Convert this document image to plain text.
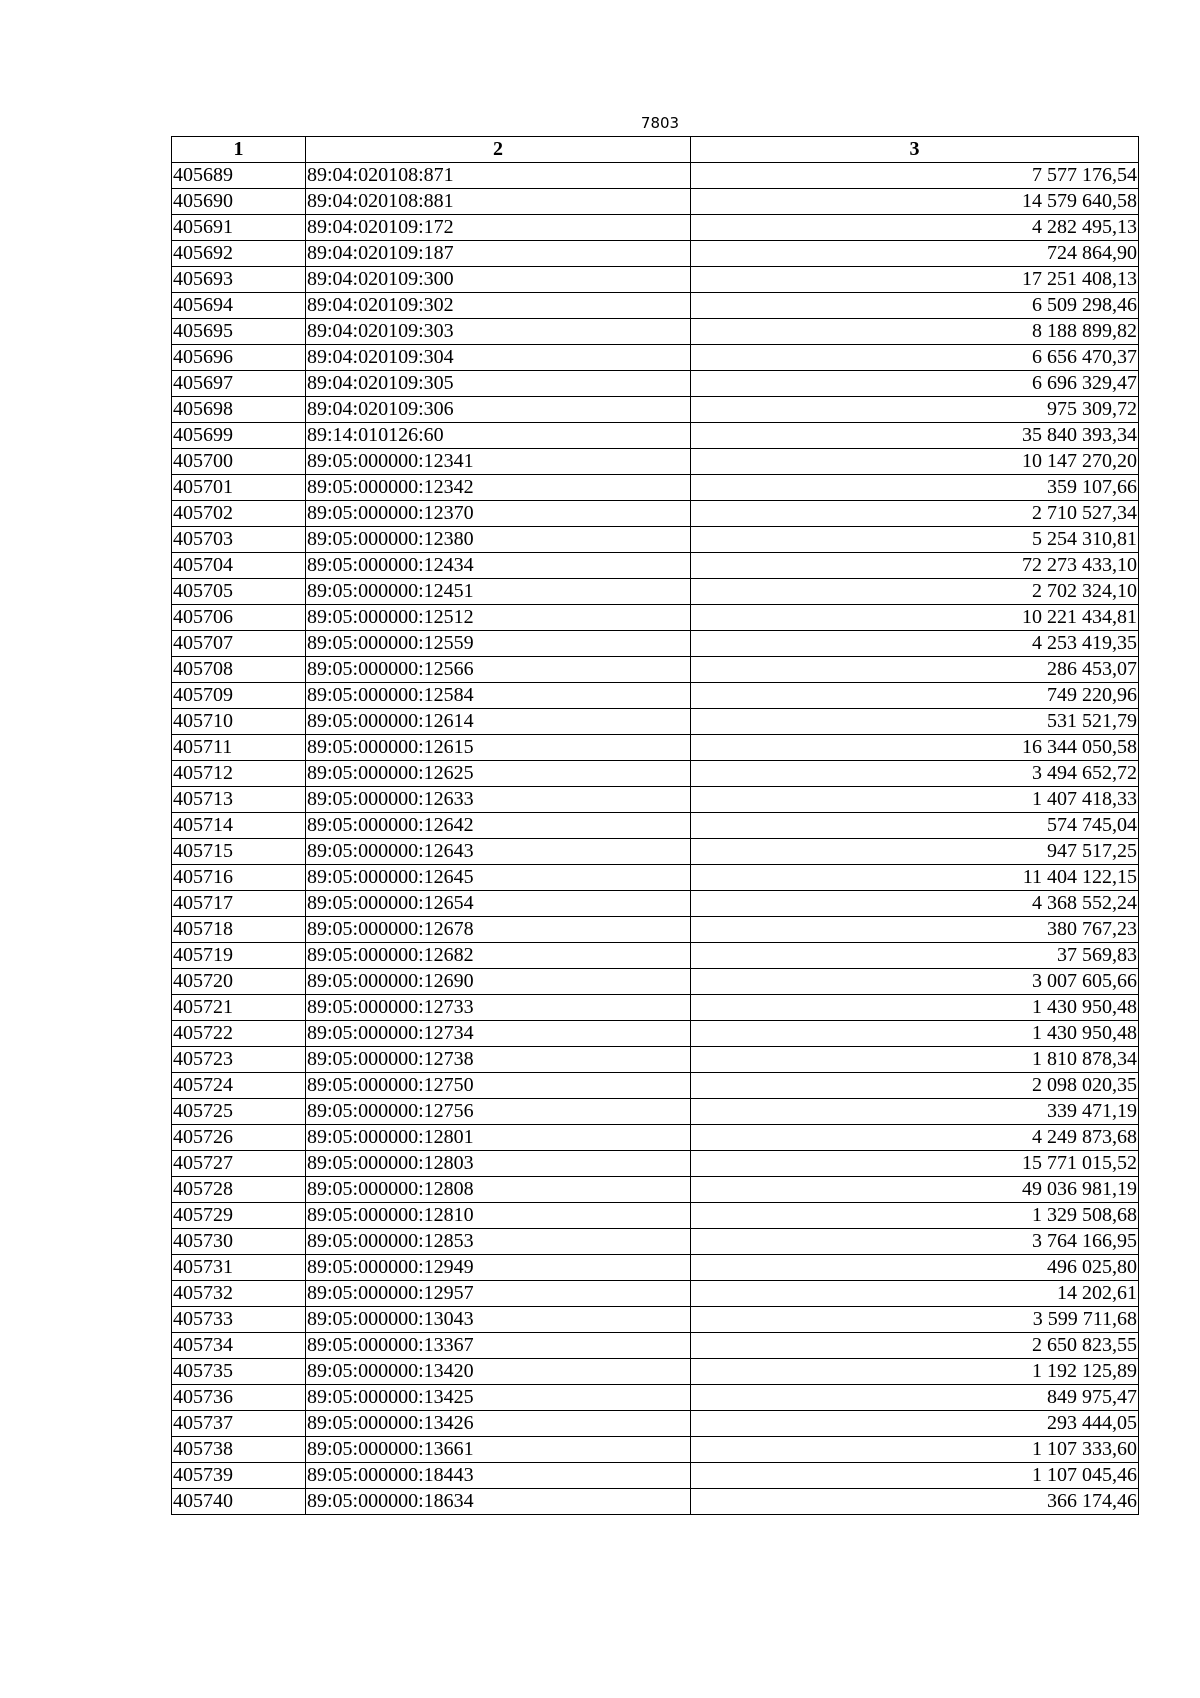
7803
1	2	3
405689	89:04:020108:871	7 577 176,54
405690	89:04:020108:881	14 579 640,58
405691	89:04:020109:172	4 282 495,13
405692	89:04:020109:187	724 864,90
405693	89:04:020109:300	17 251 408,13
405694	89:04:020109:302	6 509 298,46
405695	89:04:020109:303	8 188 899,82
405696	89:04:020109:304	6 656 470,37
405697	89:04:020109:305	6 696 329,47
405698	89:04:020109:306	975 309,72
405699	89:14:010126:60	35 840 393,34
405700	89:05:000000:12341	10 147 270,20
405701	89:05:000000:12342	359 107,66
405702	89:05:000000:12370	2 710 527,34
405703	89:05:000000:12380	5 254 310,81
405704	89:05:000000:12434	72 273 433,10
405705	89:05:000000:12451	2 702 324,10
405706	89:05:000000:12512	10 221 434,81
405707	89:05:000000:12559	4 253 419,35
405708	89:05:000000:12566	286 453,07
405709	89:05:000000:12584	749 220,96
405710	89:05:000000:12614	531 521,79
405711	89:05:000000:12615	16 344 050,58
405712	89:05:000000:12625	3 494 652,72
405713	89:05:000000:12633	1 407 418,33
405714	89:05:000000:12642	574 745,04
405715	89:05:000000:12643	947 517,25
405716	89:05:000000:12645	11 404 122,15
405717	89:05:000000:12654	4 368 552,24
405718	89:05:000000:12678	380 767,23
405719	89:05:000000:12682	37 569,83
405720	89:05:000000:12690	3 007 605,66
405721	89:05:000000:12733	1 430 950,48
405722	89:05:000000:12734	1 430 950,48
405723	89:05:000000:12738	1 810 878,34
405724	89:05:000000:12750	2 098 020,35
405725	89:05:000000:12756	339 471,19
405726	89:05:000000:12801	4 249 873,68
405727	89:05:000000:12803	15 771 015,52
405728	89:05:000000:12808	49 036 981,19
405729	89:05:000000:12810	1 329 508,68
405730	89:05:000000:12853	3 764 166,95
405731	89:05:000000:12949	496 025,80
405732	89:05:000000:12957	14 202,61
405733	89:05:000000:13043	3 599 711,68
405734	89:05:000000:13367	2 650 823,55
405735	89:05:000000:13420	1 192 125,89
405736	89:05:000000:13425	849 975,47
405737	89:05:000000:13426	293 444,05
405738	89:05:000000:13661	1 107 333,60
405739	89:05:000000:18443	1 107 045,46
405740	89:05:000000:18634	366 174,46
